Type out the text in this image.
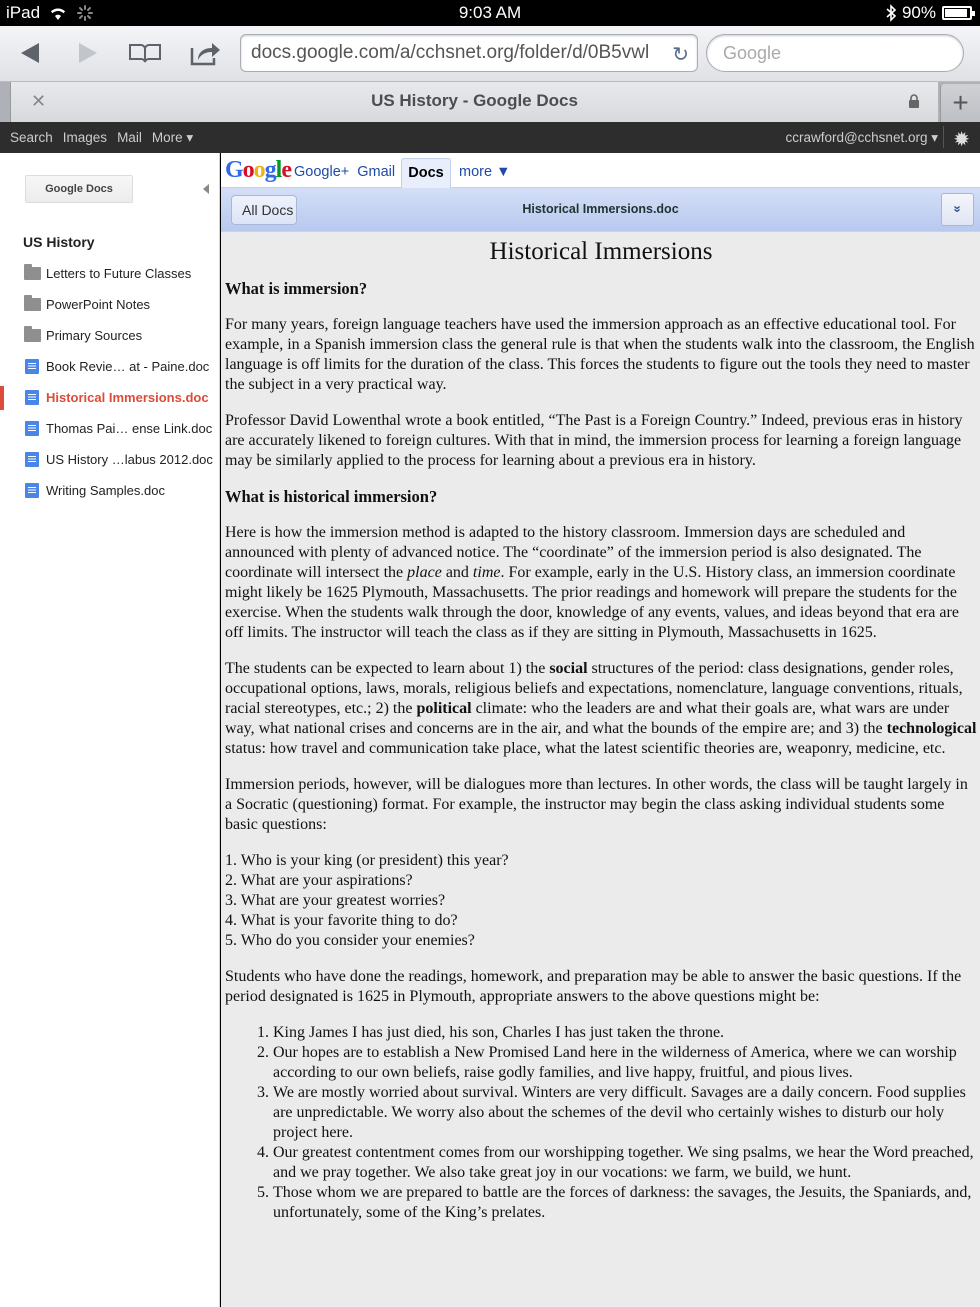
iPad	9:03 AM	90%
docs.google.com/a/cchsnet.org/folder/d/0B5vwl ↻	Google
✕	US History - Google Docs	+
Search Images Mail More ▾	ccrawford@cchsnet.org ▾ ✹
Google Docs
US History
Letters to Future Classes
PowerPoint Notes
Primary Sources
Book Revie… at - Paine.doc
Historical Immersions.doc
Thomas Pai… ense Link.doc
US History …labus 2012.doc
Writing Samples.doc
Google Google+ Gmail Docs	more ▼
All Docs	Historical Immersions.doc	»
Historical Immersions
What is immersion?

For many years, foreign language teachers have used the immersion approach as an effective educational tool. For example, in a Spanish immersion class the general rule is that when the students walk into the classroom, the English language is off limits for the duration of the class. This forces the students to figure out the tools they need to master the subject in a very practical way.

Professor David Lowenthal wrote a book entitled, “The Past is a Foreign Country.” Indeed, previous eras in history are accurately likened to foreign cultures. With that in mind, the immersion process for learning a foreign language may be similarly applied to the process for learning about a previous era in history.

What is historical immersion?

Here is how the immersion method is adapted to the history classroom. Immersion days are scheduled and announced with plenty of advanced notice. The “coordinate” of the immersion period is also designated. The coordinate will intersect the place and time. For example, early in the U.S. History class, an immersion coordinate might likely be 1625 Plymouth, Massachusetts. The prior readings and homework will prepare the students for the exercise. When the students walk through the door, knowledge of any events, values, and ideas beyond that era are off limits. The instructor will teach the class as if they are sitting in Plymouth, Massachusetts in 1625.

The students can be expected to learn about 1) the social structures of the period: class designations, gender roles, occupational options, laws, morals, religious beliefs and expectations, nomenclature, language conventions, rituals, racial stereotypes, etc.; 2) the political climate: who the leaders are and what their goals are, what wars are under way, what national crises and concerns are in the air, and what the bounds of the empire are; and 3) the technological status: how travel and communication take place, what the latest scientific theories are, weaponry, medicine, etc.

Immersion periods, however, will be dialogues more than lectures. In other words, the class will be taught largely in a Socratic (questioning) format. For example, the instructor may begin the class asking individual students some basic questions:

1. Who is your king (or president) this year?
2. What are your aspirations?
3. What are your greatest worries?
4. What is your favorite thing to do?
5. Who do you consider your enemies?

Students who have done the readings, homework, and preparation may be able to answer the basic questions. If the period designated is 1625 in Plymouth, appropriate answers to the above questions might be:

1. King James I has just died, his son, Charles I has just taken the throne.
2. Our hopes are to establish a New Promised Land here in the wilderness of America, where we can worship according to our own beliefs, raise godly families, and live happy, fruitful, and pious lives.
3. We are mostly worried about survival. Winters are very difficult. Savages are a daily concern. Food supplies are unpredictable. We worry also about the schemes of the devil who certainly wishes to disturb our holy project here.
4. Our greatest contentment comes from our worshipping together. We sing psalms, we hear the Word preached, and we pray together. We also take great joy in our vocations: we farm, we build, we hunt.
5. Those whom we are prepared to battle are the forces of darkness: the savages, the Jesuits, the Spaniards, and, unfortunately, some of the King’s prelates.
